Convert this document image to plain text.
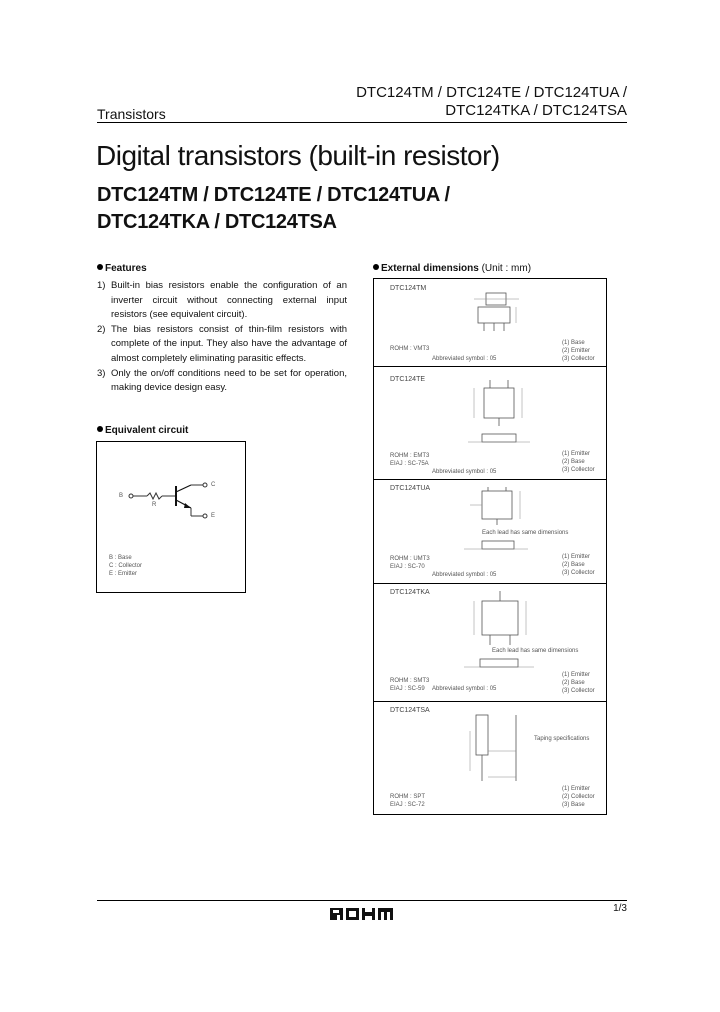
DTC124TM / DTC124TE / DTC124TUA /
DTC124TKA / DTC124TSA
Transistors
Digital transistors (built-in resistor)
DTC124TM / DTC124TE / DTC124TUA /
DTC124TKA / DTC124TSA
Features
1) Built-in bias resistors enable the configuration of an inverter circuit without connecting external input resistors (see equivalent circuit).
2) The bias resistors consist of thin-film resistors with complete of the input. They also have the advantage of almost completely eliminating parasitic effects.
3) Only the on/off conditions need to be set for operation, making device design easy.
Equivalent circuit
B
R
C
E
B : Base
C : Collector
E : Emitter
External dimensions (Unit : mm)
DTC124TM
ROHM : VMT3
Abbreviated symbol : 05
(1) Base
(2) Emitter
(3) Collector
DTC124TE
ROHM : EMT3
EIAJ : SC-75A
Abbreviated symbol : 05
(1) Emitter
(2) Base
(3) Collector
DTC124TUA
Each lead has same dimensions
ROHM : UMT3
EIAJ : SC-70
Abbreviated symbol : 05
(1) Emitter
(2) Base
(3) Collector
DTC124TKA
Each lead has same dimensions
ROHM : SMT3
EIAJ : SC-59 Abbreviated symbol : 05
(1) Emitter
(2) Base
(3) Collector
DTC124TSA
Taping specifications
ROHM : SPT
EIAJ : SC-72
(1) Emitter
(2) Collector
(3) Base
1/3
